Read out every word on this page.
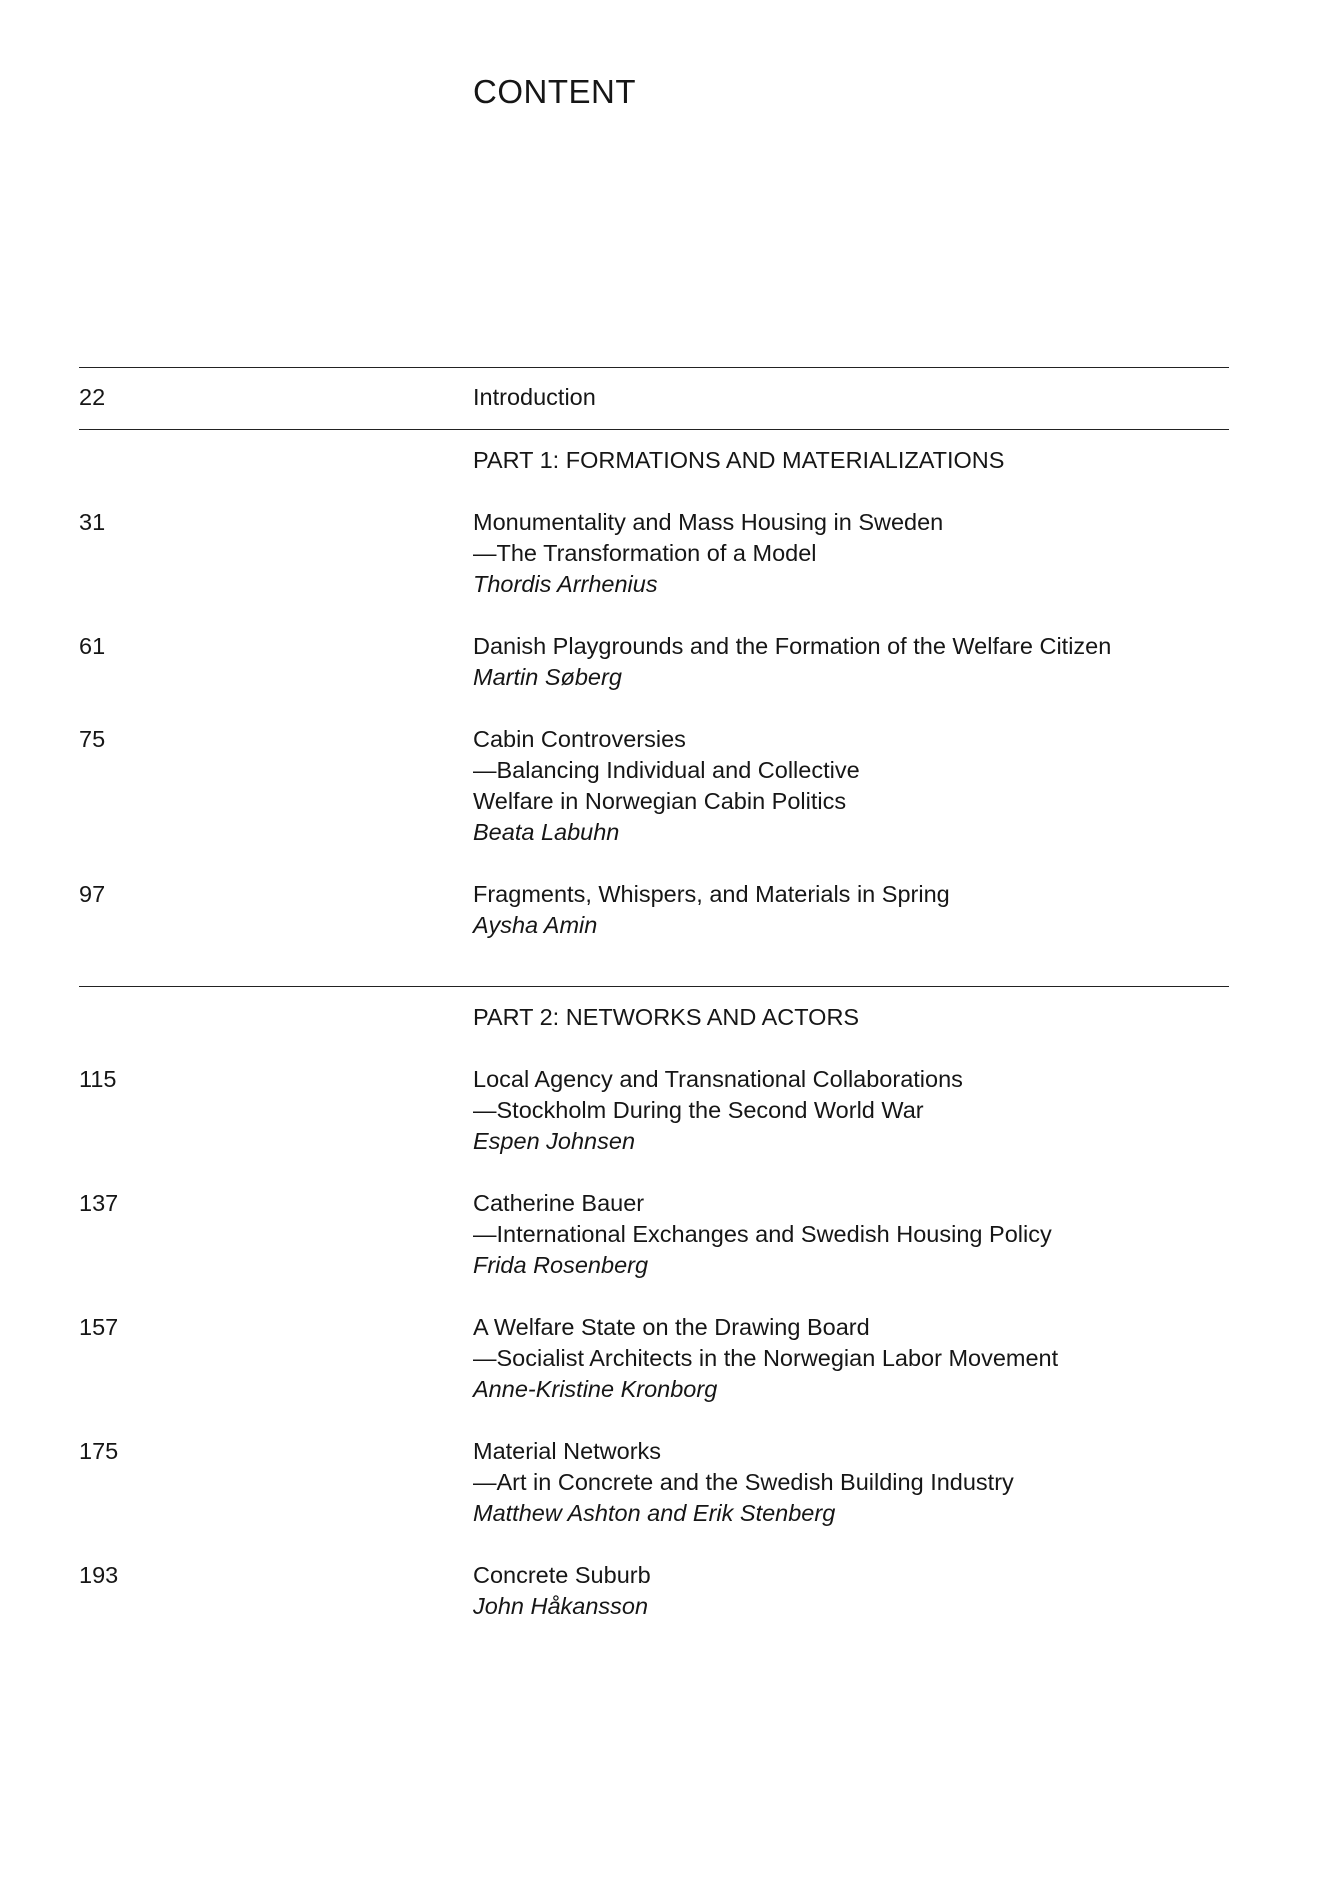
CONTENT
22	Introduction
PART 1: FORMATIONS AND MATERIALIZATIONS
31	Monumentality and Mass Housing in Sweden
—The Transformation of a Model
Thordis Arrhenius
61	Danish Playgrounds and the Formation of the Welfare Citizen
Martin Søberg
75	Cabin Controversies
—Balancing Individual and Collective
Welfare in Norwegian Cabin Politics
Beata Labuhn
97	Fragments, Whispers, and Materials in Spring
Aysha Amin
PART 2: NETWORKS AND ACTORS
115	Local Agency and Transnational Collaborations
—Stockholm During the Second World War
Espen Johnsen
137	Catherine Bauer
—International Exchanges and Swedish Housing Policy
Frida Rosenberg
157	A Welfare State on the Drawing Board
—Socialist Architects in the Norwegian Labor Movement
Anne-Kristine Kronborg
175	Material Networks
—Art in Concrete and the Swedish Building Industry
Matthew Ashton and Erik Stenberg
193	Concrete Suburb
John Håkansson
